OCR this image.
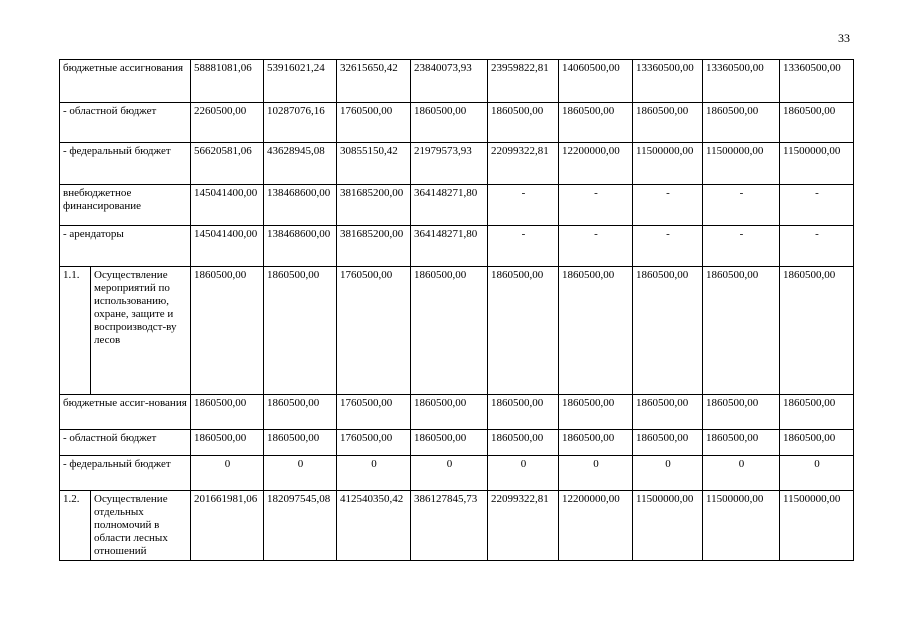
33
бюджетные ассигнования		58881081,06	53916021,24	32615650,42	23840073,93	23959822,81	14060500,00	13360500,00	13360500,00	13360500,00
- областной бюджет		2260500,00	10287076,16	1760500,00	1860500,00	1860500,00	1860500,00	1860500,00	1860500,00	1860500,00
- федеральный бюджет		56620581,06	43628945,08	30855150,42	21979573,93	22099322,81	12200000,00	11500000,00	11500000,00	11500000,00
внебюджетное финансирование		145041400,00	138468600,00	381685200,00	364148271,80	-	-	-	-	-
- арендаторы		145041400,00	138468600,00	381685200,00	364148271,80	-	-	-	-	-
1.1.	Осуществление мероприятий по использованию, охране, защите и воспроизводст-ву лесов	1860500,00	1860500,00	1760500,00	1860500,00	1860500,00	1860500,00	1860500,00	1860500,00	1860500,00
бюджетные ассиг-нования		1860500,00	1860500,00	1760500,00	1860500,00	1860500,00	1860500,00	1860500,00	1860500,00	1860500,00
- областной бюджет		1860500,00	1860500,00	1760500,00	1860500,00	1860500,00	1860500,00	1860500,00	1860500,00	1860500,00
- федеральный бюджет		0	0	0	0	0	0	0	0	0
1.2.	Осуществление отдельных полномочий в области лесных отношений	201661981,06	182097545,08	412540350,42	386127845,73	22099322,81	12200000,00	11500000,00	11500000,00	11500000,00
